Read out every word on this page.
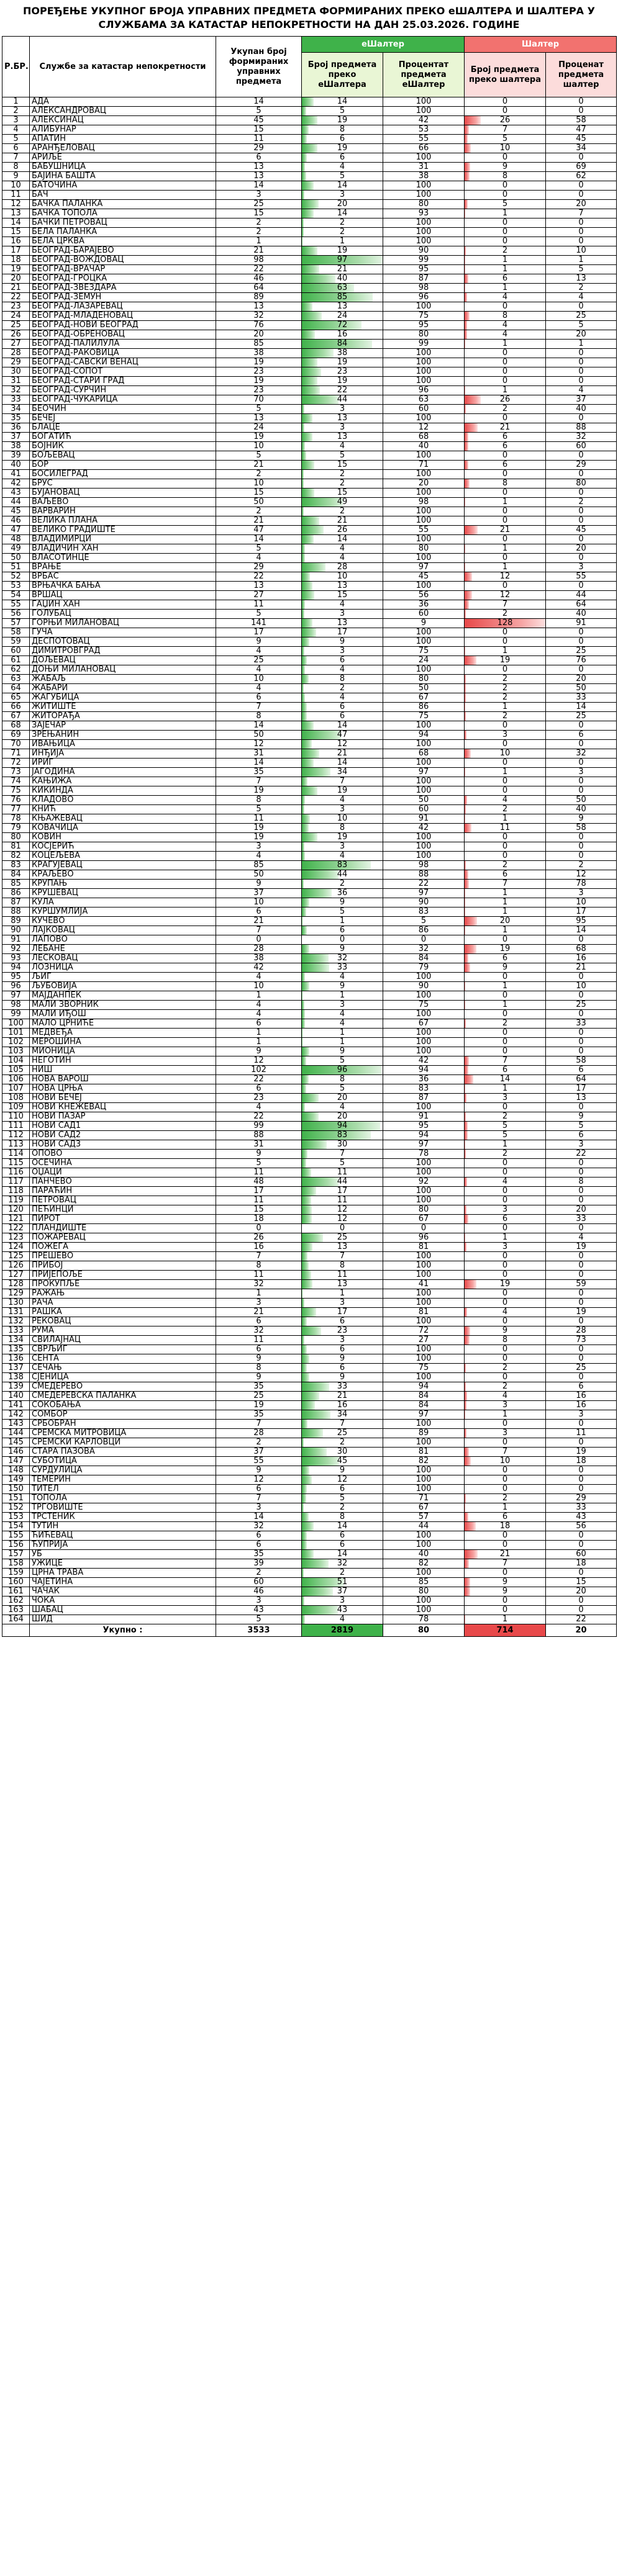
ПОРЕЂЕЊЕ УКУПНОГ БРОЈА УПРАВНИХ ПРЕДМЕТА ФОРМИРАНИХ ПРЕКО еШАЛТЕРА И ШАЛТЕРА У СЛУЖБАМА ЗА КАТАСТАР НЕПОКРЕТНОСТИ НА ДАН 25.03.2026. ГОДИНЕ
Р.БР.	Службе за катастар непокретности	Укупан број формираних управних предмета	еШалтер		Шалтер	
			Број предмета преко еШалтера	Процентат предмета еШалтер	Број предмета преко шалтера	Проценат предмета шалтер
1	АДА	14	14	100	0	0
2	АЛЕКСАНДРОВАЦ	5	5	100	0	0
3	АЛЕКСИНАЦ	45	19	42	26	58
4	АЛИБУНАР	15	8	53	7	47
5	АПАТИН	11	6	55	5	45
6	АРАНЂЕЛОВАЦ	29	19	66	10	34
7	АРИЉЕ	6	6	100	0	0
8	БАБУШНИЦА	13	4	31	9	69
9	БАЈИНА БАШТА	13	5	38	8	62
10	БАТОЧИНА	14	14	100	0	0
11	БАЧ	3	3	100	0	0
12	БАЧКА ПАЛАНКА	25	20	80	5	20
13	БАЧКА ТОПОЛА	15	14	93	1	7
14	БАЧКИ ПЕТРОВАЦ	2	2	100	0	0
15	БЕЛА ПАЛАНКА	2	2	100	0	0
16	БЕЛА ЦРКВА	1	1	100	0	0
17	БЕОГРАД-БАРАЈЕВО	21	19	90	2	10
18	БЕОГРАД-ВОЖДОВАЦ	98	97	99	1	1
19	БЕОГРАД-ВРАЧАР	22	21	95	1	5
20	БЕОГРАД-ГРОЦКА	46	40	87	6	13
21	БЕОГРАД-ЗВЕЗДАРА	64	63	98	1	2
22	БЕОГРАД-ЗЕМУН	89	85	96	4	4
23	БЕОГРАД-ЛАЗАРЕВАЦ	13	13	100	0	0
24	БЕОГРАД-МЛАДЕНОВАЦ	32	24	75	8	25
25	БЕОГРАД-НОВИ БЕОГРАД	76	72	95	4	5
26	БЕОГРАД-ОБРЕНОВАЦ	20	16	80	4	20
27	БЕОГРАД-ПАЛИЛУЛА	85	84	99	1	1
28	БЕОГРАД-РАКОВИЦА	38	38	100	0	0
29	БЕОГРАД-САВСКИ ВЕНАЦ	19	19	100	0	0
30	БЕОГРАД-СОПОТ	23	23	100	0	0
31	БЕОГРАД-СТАРИ ГРАД	19	19	100	0	0
32	БЕОГРАД-СУРЧИН	23	22	96	1	4
33	БЕОГРАД-ЧУКАРИЦА	70	44	63	26	37
34	БЕОЧИН	5	3	60	2	40
35	БЕЧЕЈ	13	13	100	0	0
36	БЛАЦЕ	24	3	12	21	88
37	БОГАТИЋ	19	13	68	6	32
38	БОЈНИК	10	4	40	6	60
39	БОЉЕВАЦ	5	5	100	0	0
40	БОР	21	15	71	6	29
41	БОСИЛЕГРАД	2	2	100	0	0
42	БРУС	10	2	20	8	80
43	БУЈАНОВАЦ	15	15	100	0	0
44	ВАЉЕВО	50	49	98	1	2
45	ВАРВАРИН	2	2	100	0	0
46	ВЕЛИКА ПЛАНА	21	21	100	0	0
47	ВЕЛИКО ГРАДИШТЕ	47	26	55	21	45
48	ВЛАДИМИРЦИ	14	14	100	0	0
49	ВЛАДИЧИН ХАН	5	4	80	1	20
50	ВЛАСОТИНЦЕ	4	4	100	0	0
51	ВРАЊЕ	29	28	97	1	3
52	ВРБАС	22	10	45	12	55
53	ВРЊАЧКА БАЊА	13	13	100	0	0
54	ВРШАЦ	27	15	56	12	44
55	ГАЏИН ХАН	11	4	36	7	64
56	ГОЛУБАЦ	5	3	60	2	40
57	ГОРЊИ МИЛАНОВАЦ	141	13	9	128	91
58	ГУЧА	17	17	100	0	0
59	ДЕСПОТОВАЦ	9	9	100	0	0
60	ДИМИТРОВГРАД	4	3	75	1	25
61	ДОЉЕВАЦ	25	6	24	19	76
62	ДОЊИ МИЛАНОВАЦ	4	4	100	0	0
63	ЖАБАЉ	10	8	80	2	20
64	ЖАБАРИ	4	2	50	2	50
65	ЖАГУБИЦА	6	4	67	2	33
66	ЖИТИШТЕ	7	6	86	1	14
67	ЖИТОРАЂА	8	6	75	2	25
68	ЗАЈЕЧАР	14	14	100	0	0
69	ЗРЕЊАНИН	50	47	94	3	6
70	ИВАЊИЦА	12	12	100	0	0
71	ИНЂИЈА	31	21	68	10	32
72	ИРИГ	14	14	100	0	0
73	ЈАГОДИНА	35	34	97	1	3
74	КАЊИЖА	7	7	100	0	0
75	КИКИНДА	19	19	100	0	0
76	КЛАДОВО	8	4	50	4	50
77	КНИЋ	5	3	60	2	40
78	КЊАЖЕВАЦ	11	10	91	1	9
79	КОВАЧИЦА	19	8	42	11	58
80	КОВИН	19	19	100	0	0
81	КОСЈЕРИЋ	3	3	100	0	0
82	КОЦЕЉЕВА	4	4	100	0	0
83	КРАГУЈЕВАЦ	85	83	98	2	2
84	КРАЉЕВО	50	44	88	6	12
85	КРУПАЊ	9	2	22	7	78
86	КРУШЕВАЦ	37	36	97	1	3
87	КУЛА	10	9	90	1	10
88	КУРШУМЛИЈА	6	5	83	1	17
89	КУЧЕВО	21	1	5	20	95
90	ЛАЈКОВАЦ	7	6	86	1	14
91	ЛАПОВО	0	0	0	0	0
92	ЛЕБАНЕ	28	9	32	19	68
93	ЛЕСКОВАЦ	38	32	84	6	16
94	ЛОЗНИЦА	42	33	79	9	21
95	ЉИГ	4	4	100	0	0
96	ЉУБОВИЈА	10	9	90	1	10
97	МАЈДАНПЕК	1	1	100	0	0
98	МАЛИ ЗВОРНИК	4	3	75	1	25
99	МАЛИ ИЂОШ	4	4	100	0	0
100	МАЛО ЦРНИЋЕ	6	4	67	2	33
101	МЕДВЕЂА	1	1	100	0	0
102	МЕРОШИНА	1	1	100	0	0
103	МИОНИЦА	9	9	100	0	0
104	НЕГОТИН	12	5	42	7	58
105	НИШ	102	96	94	6	6
106	НОВА ВАРОШ	22	8	36	14	64
107	НОВА ЦРЊА	6	5	83	1	17
108	НОВИ БЕЧЕЈ	23	20	87	3	13
109	НОВИ КНЕЖЕВАЦ	4	4	100	0	0
110	НОВИ ПАЗАР	22	20	91	2	9
111	НОВИ САД1	99	94	95	5	5
112	НОВИ САД2	88	83	94	5	6
113	НОВИ САД3	31	30	97	1	3
114	ОПОВО	9	7	78	2	22
115	ОСЕЧИНА	5	5	100	0	0
116	ОЏАЦИ	11	11	100	0	0
117	ПАНЧЕВО	48	44	92	4	8
118	ПАРАЋИН	17	17	100	0	0
119	ПЕТРОВАЦ	11	11	100	0	0
120	ПЕЋИНЦИ	15	12	80	3	20
121	ПИРОТ	18	12	67	6	33
122	ПЛАНДИШТЕ	0	0	0	0	0
123	ПОЖАРЕВАЦ	26	25	96	1	4
124	ПОЖЕГА	16	13	81	3	19
125	ПРЕШЕВО	7	7	100	0	0
126	ПРИБОЈ	8	8	100	0	0
127	ПРИЈЕПОЉЕ	11	11	100	0	0
128	ПРОКУПЉЕ	32	13	41	19	59
129	РАЖАЊ	1	1	100	0	0
130	РАЧА	3	3	100	0	0
131	РАШКА	21	17	81	4	19
132	РЕКОВАЦ	6	6	100	0	0
133	РУМА	32	23	72	9	28
134	СВИЛАЈНАЦ	11	3	27	8	73
135	СВРЉИГ	6	6	100	0	0
136	СЕНТА	9	9	100	0	0
137	СЕЧАЊ	8	6	75	2	25
138	СЈЕНИЦА	9	9	100	0	0
139	СМЕДЕРЕВО	35	33	94	2	6
140	СМЕДЕРЕВСКА ПАЛАНКА	25	21	84	4	16
141	СОКОБАЊА	19	16	84	3	16
142	СОМБОР	35	34	97	1	3
143	СРБОБРАН	7	7	100	0	0
144	СРЕМСКА МИТРОВИЦА	28	25	89	3	11
145	СРЕМСКИ КАРЛОВЦИ	2	2	100	0	0
146	СТАРА ПАЗОВА	37	30	81	7	19
147	СУБОТИЦА	55	45	82	10	18
148	СУРДУЛИЦА	9	9	100	0	0
149	ТЕМЕРИН	12	12	100	0	0
150	ТИТЕЛ	6	6	100	0	0
151	ТОПОЛА	7	5	71	2	29
152	ТРГОВИШТЕ	3	2	67	1	33
153	ТРСТЕНИК	14	8	57	6	43
154	ТУТИН	32	14	44	18	56
155	ЋИЋЕВАЦ	6	6	100	0	0
156	ЋУПРИЈА	6	6	100	0	0
157	УБ	35	14	40	21	60
158	УЖИЦЕ	39	32	82	7	18
159	ЦРНА ТРАВА	2	2	100	0	0
160	ЧАЈЕТИНА	60	51	85	9	15
161	ЧАЧАК	46	37	80	9	20
162	ЧОКА	3	3	100	0	0
163	ШАБАЦ	43	43	100	0	0
164	ШИД	5	4	78	1	22
	Укупно :	3533	2819	80	714	20
